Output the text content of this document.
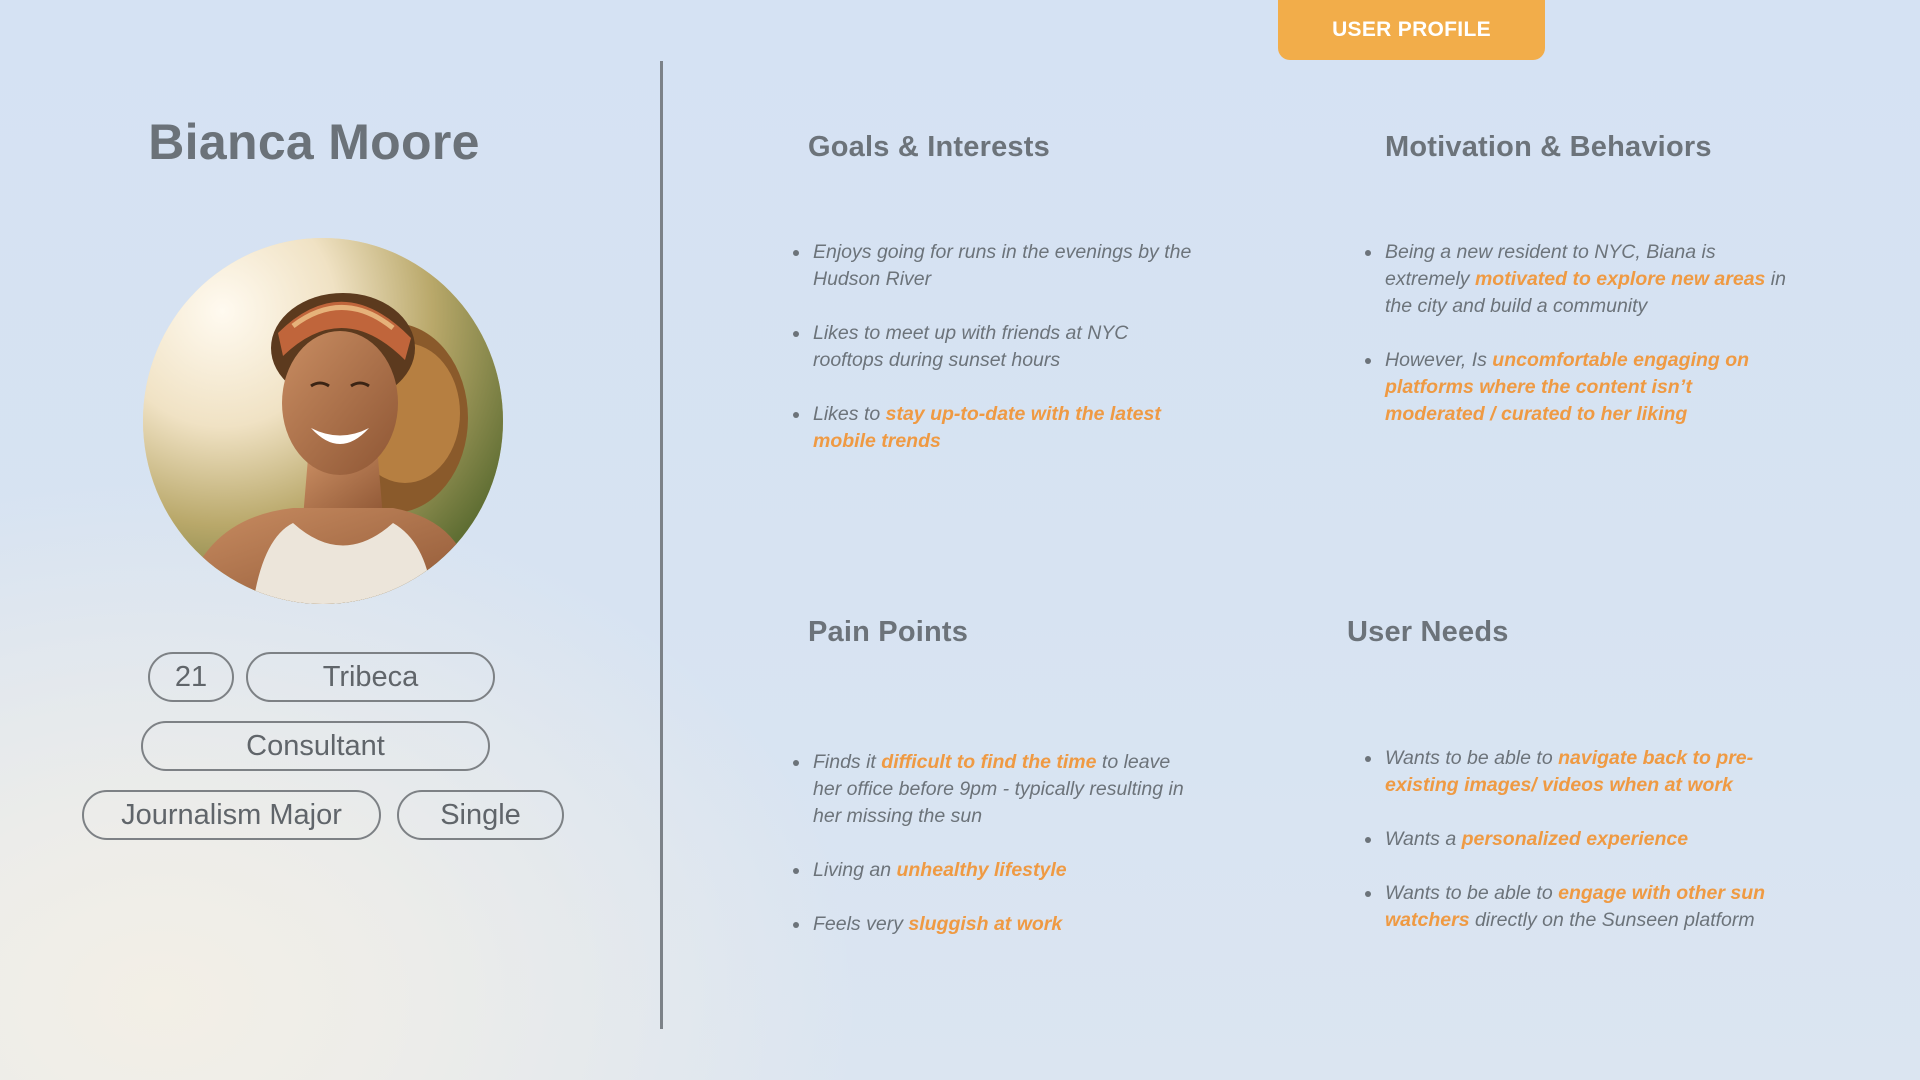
USER PROFILE
Bianca Moore
21	Tribeca
Consultant
Journalism Major	Single
Goals & Interests
Enjoys going for runs in the evenings by the Hudson River
Likes to meet up with friends at NYC rooftops during sunset hours
Likes to stay up-to-date with the latest mobile trends
Motivation & Behaviors
Being a new resident to NYC, Biana is extremely motivated to explore new areas in the city and build a community
However, Is uncomfortable engaging on platforms where the content isn’t moderated / curated to her liking
Pain Points
Finds it difficult to find the time to leave her office before 9pm - typically resulting in her missing the sun
Living an unhealthy lifestyle
Feels very sluggish at work
User Needs
Wants to be able to navigate back to pre-existing images/ videos when at work
Wants a personalized experience
Wants to be able to engage with other sun watchers directly on the Sunseen platform
